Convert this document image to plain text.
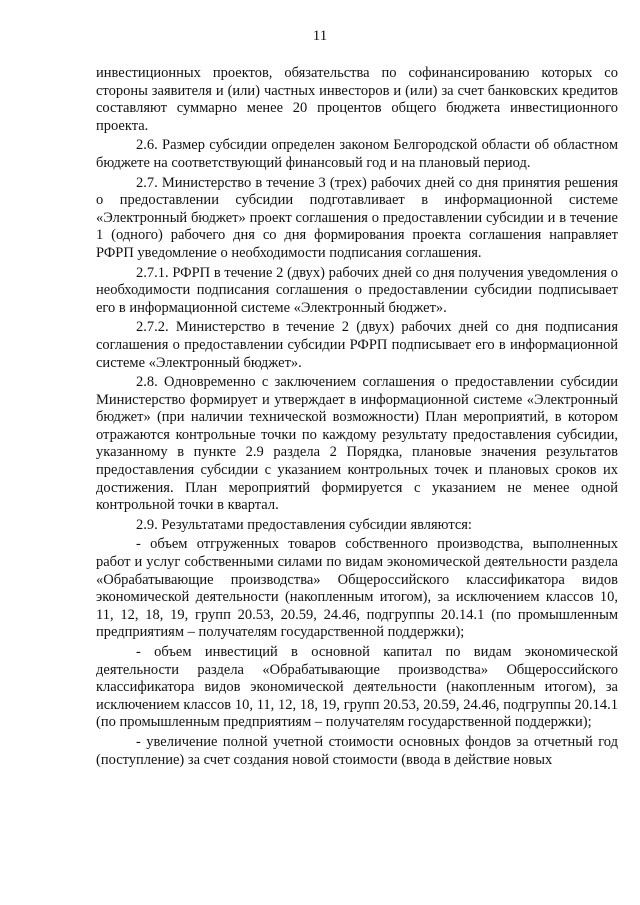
11

инвестиционных проектов, обязательства по софинансированию которых со стороны заявителя и (или) частных инвесторов и (или) за счет банковских кредитов составляют суммарно менее 20 процентов общего бюджета инвестиционного проекта.

2.6. Размер субсидии определен законом Белгородской области об областном бюджете на соответствующий финансовый год и на плановый период.

2.7. Министерство в течение 3 (трех) рабочих дней со дня принятия решения о предоставлении субсидии подготавливает в информационной системе «Электронный бюджет» проект соглашения о предоставлении субсидии и в течение 1 (одного) рабочего дня со дня формирования проекта соглашения направляет РФРП уведомление о необходимости подписания соглашения.

2.7.1. РФРП в течение 2 (двух) рабочих дней со дня получения уведомления о необходимости подписания соглашения о предоставлении субсидии подписывает его в информационной системе «Электронный бюджет».

2.7.2. Министерство в течение 2 (двух) рабочих дней со дня подписания соглашения о предоставлении субсидии РФРП подписывает его в информационной системе «Электронный бюджет».

2.8. Одновременно с заключением соглашения о предоставлении субсидии Министерство формирует и утверждает в информационной системе «Электронный бюджет» (при наличии технической возможности) План мероприятий, в котором отражаются контрольные точки по каждому результату предоставления субсидии, указанному в пункте 2.9 раздела 2 Порядка, плановые значения результатов предоставления субсидии с указанием контрольных точек и плановых сроков их достижения. План мероприятий формируется с указанием не менее одной контрольной точки в квартал.

2.9. Результатами предоставления субсидии являются:

- объем отгруженных товаров собственного производства, выполненных работ и услуг собственными силами по видам экономической деятельности раздела «Обрабатывающие производства» Общероссийского классификатора видов экономической деятельности (накопленным итогом), за исключением классов 10, 11, 12, 18, 19, групп 20.53, 20.59, 24.46, подгруппы 20.14.1 (по промышленным предприятиям – получателям государственной поддержки);

- объем инвестиций в основной капитал по видам экономической деятельности раздела «Обрабатывающие производства» Общероссийского классификатора видов экономической деятельности (накопленным итогом), за исключением классов 10, 11, 12, 18, 19, групп 20.53, 20.59, 24.46, подгруппы 20.14.1 (по промышленным предприятиям – получателям государственной поддержки);

- увеличение полной учетной стоимости основных фондов за отчетный год (поступление) за счет создания новой стоимости (ввода в действие новых
